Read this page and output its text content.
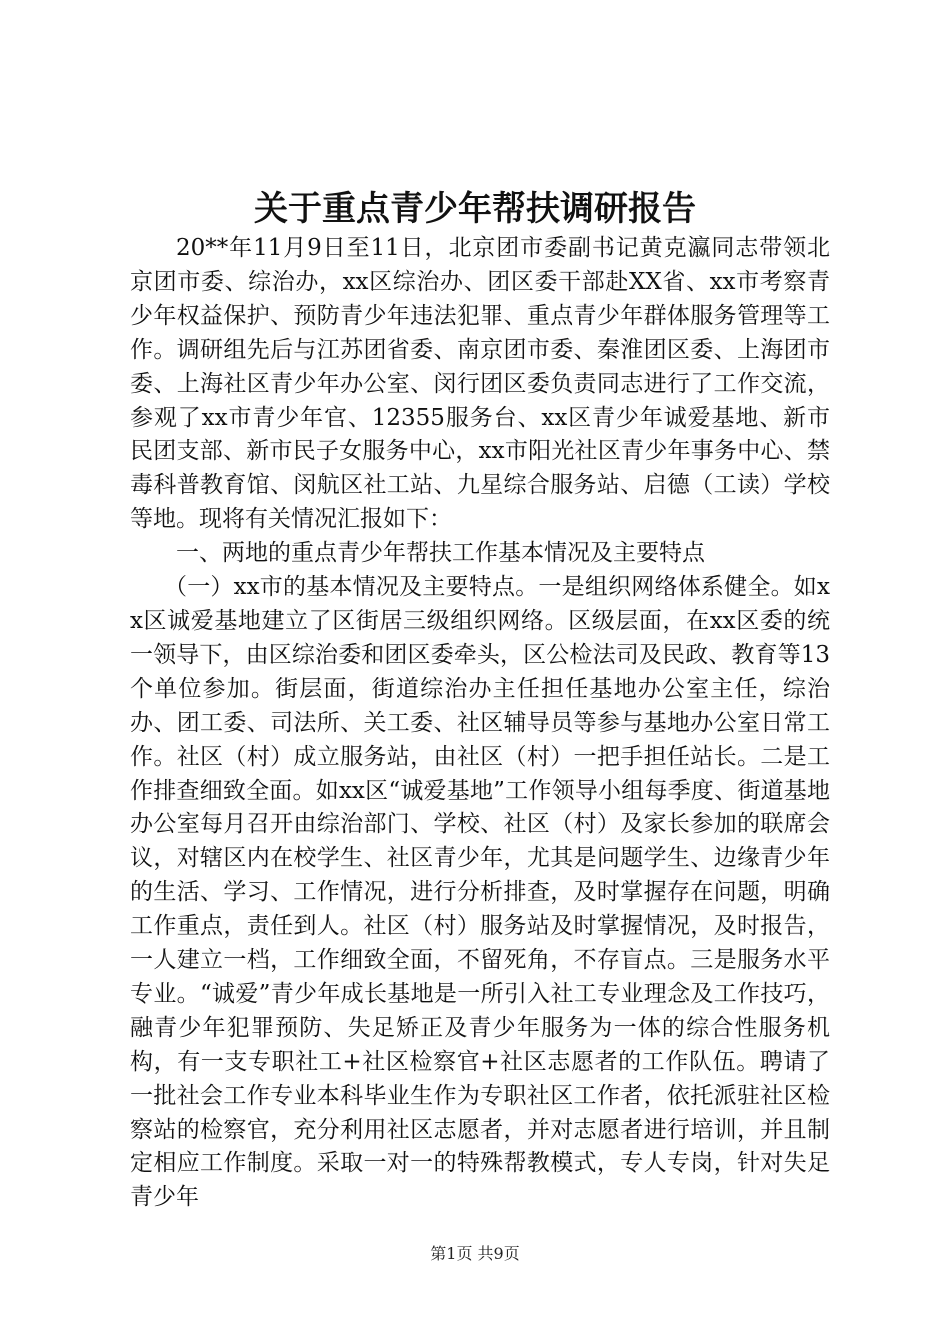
关于重点青少年帮扶调研报告

20**年11月9日至11日，北京团市委副书记黄克瀛同志带领北京团市委、综治办，xx区综治办、团区委干部赴XX省、xx市考察青少年权益保护、预防青少年违法犯罪、重点青少年群体服务管理等工作。调研组先后与江苏团省委、南京团市委、秦淮团区委、上海团市委、上海社区青少年办公室、闵行团区委负责同志进行了工作交流，参观了xx市青少年官、12355服务台、xx区青少年诚爱基地、新市民团支部、新市民子女服务中心，xx市阳光社区青少年事务中心、禁毒科普教育馆、闵航区社工站、九星综合服务站、启德（工读）学校等地。现将有关情况汇报如下：

一、两地的重点青少年帮扶工作基本情况及主要特点

（一）xx市的基本情况及主要特点。一是组织网络体系健全。如xx区诚爱基地建立了区街居三级组织网络。区级层面，在xx区委的统一领导下，由区综治委和团区委牵头，区公检法司及民政、教育等13个单位参加。街层面，街道综治办主任担任基地办公室主任，综治办、团工委、司法所、关工委、社区辅导员等参与基地办公室日常工作。社区（村）成立服务站，由社区（村）一把手担任站长。二是工作排查细致全面。如xx区“诚爱基地”工作领导小组每季度、街道基地办公室每月召开由综治部门、学校、社区（村）及家长参加的联席会议，对辖区内在校学生、社区青少年，尤其是问题学生、边缘青少年的生活、学习、工作情况，进行分析排查，及时掌握存在问题，明确工作重点，责任到人。社区（村）服务站及时掌握情况，及时报告，一人建立一档，工作细致全面，不留死角，不存盲点。三是服务水平专业。“诚爱”青少年成长基地是一所引入社工专业理念及工作技巧，融青少年犯罪预防、失足矫正及青少年服务为一体的综合性服务机构，有一支专职社工+社区检察官+社区志愿者的工作队伍。聘请了一批社会工作专业本科毕业生作为专职社区工作者，依托派驻社区检察站的检察官，充分利用社区志愿者，并对志愿者进行培训，并且制定相应工作制度。采取一对一的特殊帮教模式，专人专岗，针对失足青少年

第1页 共9页
